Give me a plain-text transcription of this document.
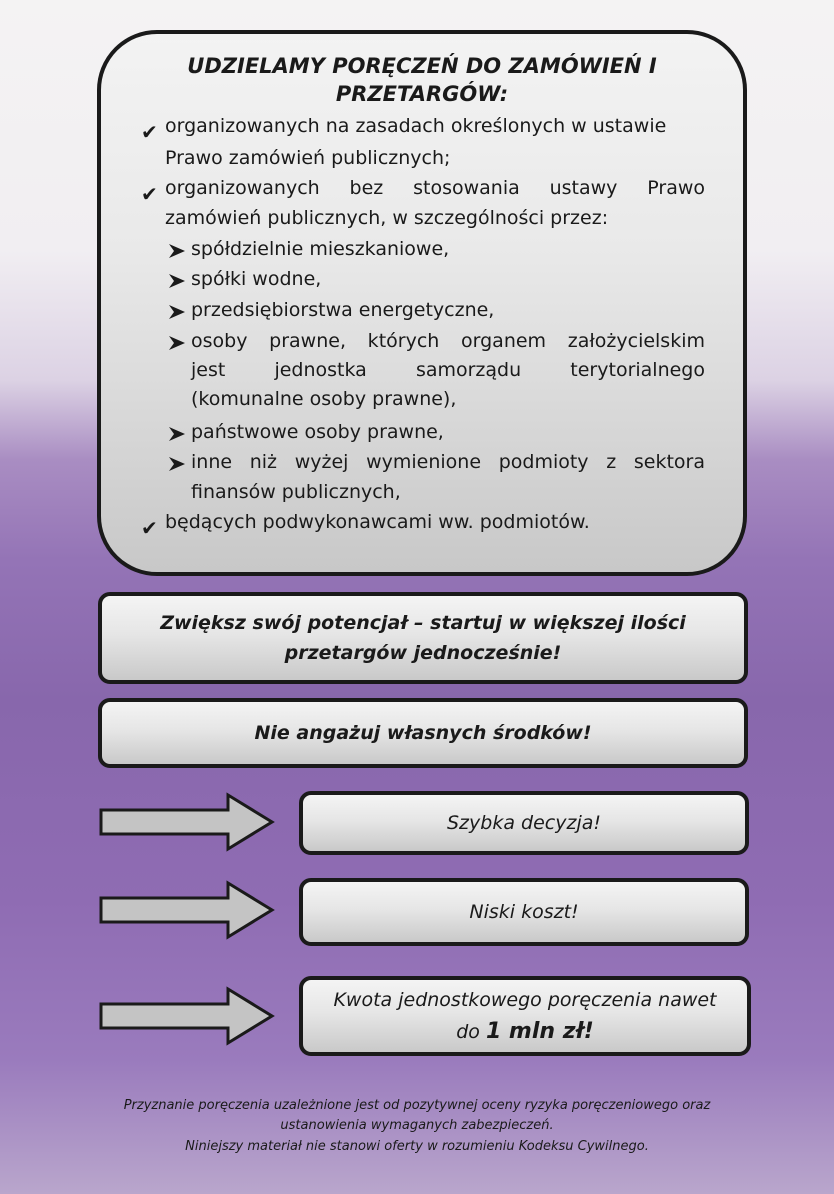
UDZIELAMY PORĘCZEŃ DO ZAMÓWIEŃ I PRZETARGÓW:
✔ organizowanych na zasadach określonych w ustawie
Prawo zamówień publicznych;
✔ organizowanych bez stosowania ustawy Prawo
zamówień publicznych, w szczególności przez:
spółdzielnie mieszkaniowe,
spółki wodne,
przedsiębiorstwa energetyczne,
osoby prawne, których organem założycielskim
jest jednostka samorządu terytorialnego
(komunalne osoby prawne),
państwowe osoby prawne,
inne niż wyżej wymienione podmioty z sektora
finansów publicznych,
✔ będących podwykonawcami ww. podmiotów.
Zwiększ swój potencjał – startuj w większej ilości
przetargów jednocześnie!
Nie angażuj własnych środków!
Szybka decyzja!
Niski koszt!
Kwota jednostkowego poręczenia nawet
do 1 mln zł!
Przyznanie poręczenia uzależnione jest od pozytywnej oceny ryzyka poręczeniowego oraz
ustanowienia wymaganych zabezpieczeń.
Niniejszy materiał nie stanowi oferty w rozumieniu Kodeksu Cywilnego.
